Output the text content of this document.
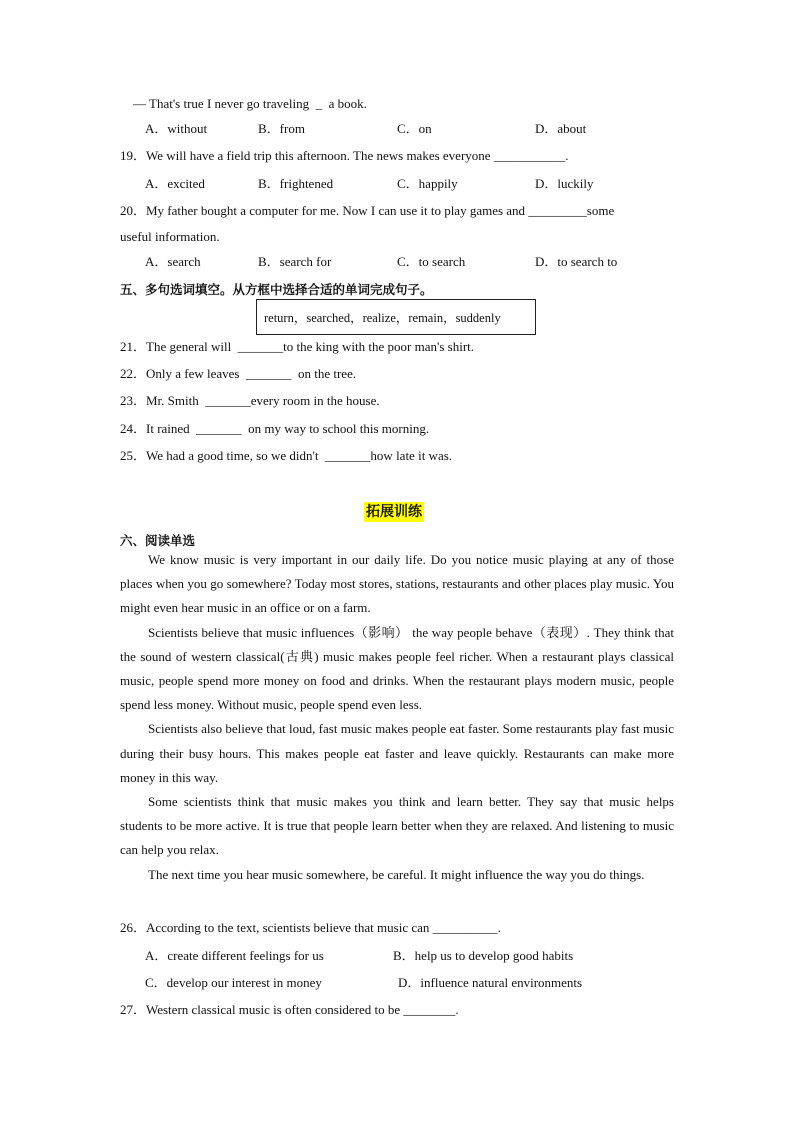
— That's true I never go traveling  _  a book.
A．without	B．from	C．on	D．about
19．We will have a field trip this afternoon. The news makes everyone ___________.
A．excited	B．frightened	C．happily	D．luckily
20．My father bought a computer for me. Now I can use it to play games and _________some
useful information.
A．search	B．search for	C．to search	D．to search to
五、多句选词填空。从方框中选择合适的单词完成句子。
return，searched，realize，remain，suddenly
21．The general will  _______to the king with the poor man's shirt.
22．Only a few leaves  _______  on the tree.
23．Mr. Smith  _______every room in the house.
24．It rained  _______  on my way to school this morning.
25．We had a good time, so we didn't  _______how late it was.
拓展训练
六、阅读单选

We know music is very important in our daily life. Do you notice music playing at any of those places when you go somewhere? Today most stores, stations, restaurants and other places play music. You might even hear music in an office or on a farm.

Scientists believe that music influences（影响） the way people behave（表现）. They think that the sound of western classical(古典) music makes people feel richer. When a restaurant plays classical music, people spend more money on food and drinks. When the restaurant plays modern music, people spend less money. Without music, people spend even less.

Scientists also believe that loud, fast music makes people eat faster. Some restaurants play fast music during their busy hours. This makes people eat faster and leave quickly. Restaurants can make more money in this way.

Some scientists think that music makes you think and learn better. They say that music helps students to be more active. It is true that people learn better when they are relaxed. And listening to music can help you relax.

The next time you hear music somewhere, be careful. It might influence the way you do things.

26．According to the text, scientists believe that music can __________.
A．create different feelings for us	B．help us to develop good habits
C．develop our interest in money	D．influence natural environments
27．Western classical music is often considered to be ________.
